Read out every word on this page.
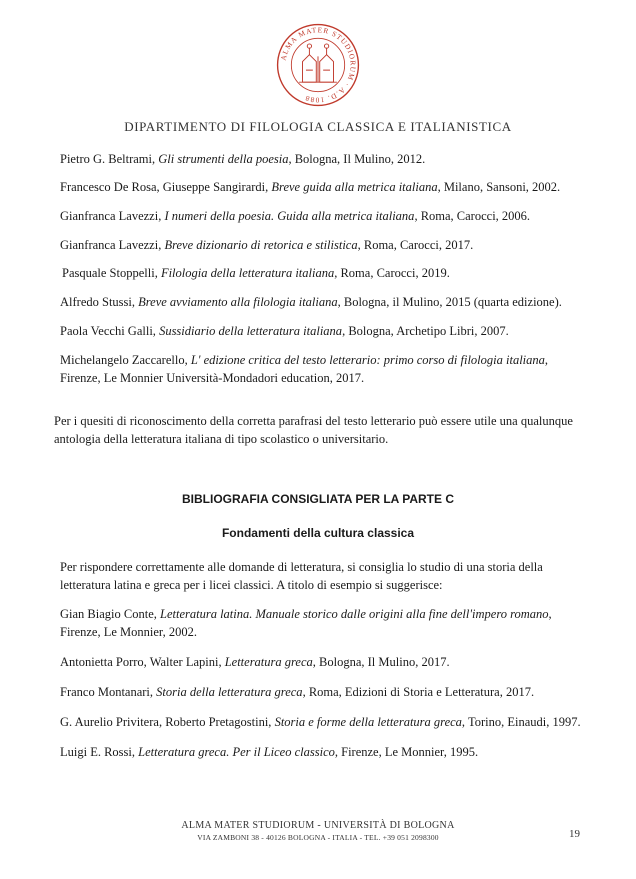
ALMA MATER STUDIORUM · A.D. 1088
DIPARTIMENTO DI FILOLOGIA CLASSICA E ITALIANISTICA
Pietro G. Beltrami, Gli strumenti della poesia, Bologna, Il Mulino, 2012.
Francesco De Rosa, Giuseppe Sangirardi, Breve guida alla metrica italiana, Milano, Sansoni, 2002.
Gianfranca Lavezzi, I numeri della poesia. Guida alla metrica italiana, Roma, Carocci, 2006.
Gianfranca Lavezzi, Breve dizionario di retorica e stilistica, Roma, Carocci, 2017.
Pasquale Stoppelli, Filologia della letteratura italiana, Roma, Carocci, 2019.
Alfredo Stussi, Breve avviamento alla filologia italiana, Bologna, il Mulino, 2015 (quarta edizione).
Paola Vecchi Galli, Sussidiario della letteratura italiana, Bologna, Archetipo Libri, 2007.
Michelangelo Zaccarello, L' edizione critica del testo letterario: primo corso di filologia italiana, Firenze, Le Monnier Università-Mondadori education, 2017.
Per i quesiti di riconoscimento della corretta parafrasi del testo letterario può essere utile una qualunque antologia della letteratura italiana di tipo scolastico o universitario.
BIBLIOGRAFIA CONSIGLIATA PER LA PARTE C
Fondamenti della cultura classica
Per rispondere correttamente alle domande di letteratura, si consiglia lo studio di una storia della letteratura latina e greca per i licei classici. A titolo di esempio si suggerisce:
Gian Biagio Conte, Letteratura latina. Manuale storico dalle origini alla fine dell'impero romano, Firenze, Le Monnier, 2002.
Antonietta Porro, Walter Lapini, Letteratura greca, Bologna, Il Mulino, 2017.
Franco Montanari, Storia della letteratura greca, Roma, Edizioni di Storia e Letteratura, 2017.
G. Aurelio Privitera, Roberto Pretagostini, Storia e forme della letteratura greca, Torino, Einaudi, 1997.
Luigi E. Rossi, Letteratura greca. Per il Liceo classico, Firenze, Le Monnier, 1995.
ALMA MATER STUDIORUM - UNIVERSITÀ DI BOLOGNA
VIA ZAMBONI 38 - 40126 BOLOGNA - ITALIA - TEL. +39 051 2098300	19
